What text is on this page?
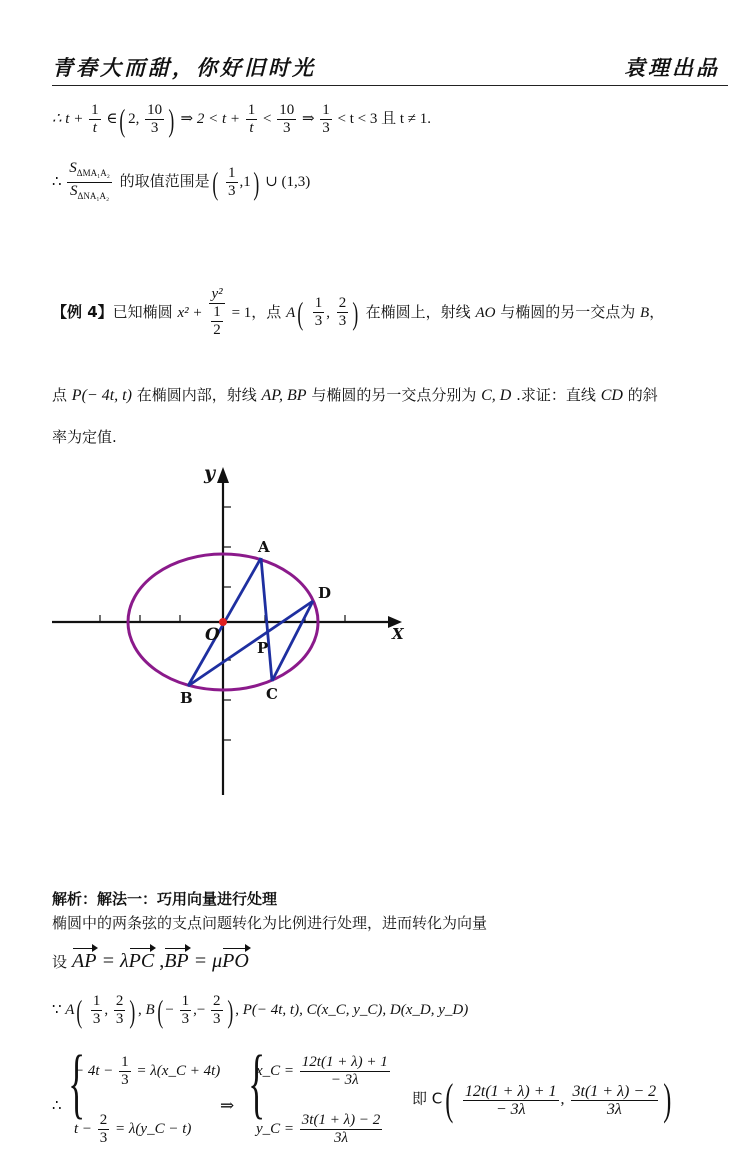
青春大而甜，你好旧时光	袁理出品
∴ $t + \frac{1}{t}$ ∈( 2, $\frac{10}{3}$ ) ⇒ $2 < t + \frac{1}{t} < \frac{10}{3}$ ⇒ $\frac{1}{3} < t < 3$ 且 t ≠ 1.
∴
$S_{\Delta MA_1A_2}$
$S_{\Delta NA_1A_2}$
的取值范围是( $\frac{1}{3} ,1$) ∪ (1,3)
【例 4】已知椭圆 $x^2 + \frac{\text{y²}}{\frac{1}{2}} = 1$，点 $A( \frac{1}{3}$ , $\frac{2}{3}$ ) 在椭圆上，射线 AO 与椭圆的另一交点为 B，
点 P(− 4t, t) 在椭圆内部，射线 AP, BP 与椭圆的另一交点分别为 C, D .求证：直线 CD 的斜
率为定值.
X
y
O
A
B	C
D
P
解析：解法一：巧用向量进行处理
椭圆中的两条弦的支点问题转化为比例进行处理，进而转化为向量
设 AP = λPC ,BP = μPO
∵ $A( \frac{1}{3}$ , $\frac{2}{3}$ ) , $B( - \frac{1}{3}$ ,− $\frac{2}{3}$ ) , P(− 4t, t), C(x_C, y_C), D(x_D, y_D)
∴ {
− $4t - \frac{1}{3}$ = λ(x_C + 4t)
$t - \frac{2}{3}$ = λ(y_C − t)
⇒ {
x_C = $\frac{12t(1 + \lambda) + 1}{- 3\lambda}$
y_C = $\frac{3t(1 + \lambda) - 2}{3\lambda}$
即 $C( \frac{12t(1 + \lambda) + 1}{- 3\lambda}$ , $\frac{3t(1 + \lambda) - 2}{3\lambda}$ )
